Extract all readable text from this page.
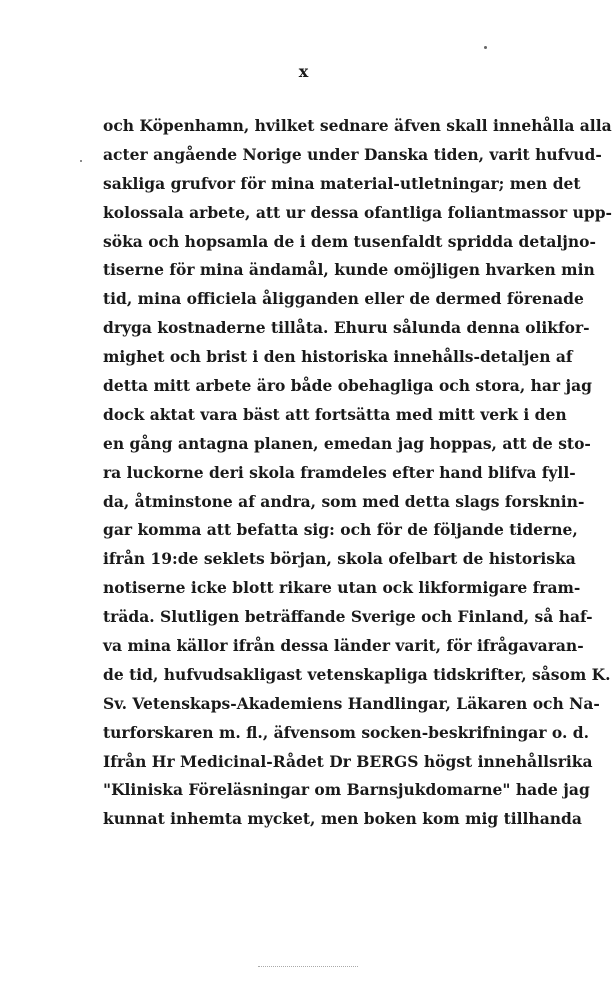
x
och Köpenhamn, hvilket sednare äfven skall innehålla alla
acter angående Norige under Danska tiden, varit hufvud-
sakliga grufvor för mina material-utletningar; men det
kolossala arbete, att ur dessa ofantliga foliantmassor upp-
söka och hopsamla de i dem tusenfaldt spridda detaljno-
tiserne för mina ändamål, kunde omöjligen hvarken min
tid, mina officiela åligganden eller de dermed förenade
dryga kostnaderne tillåta. Ehuru sålunda denna olikfor-
mighet och brist i den historiska innehålls-detaljen af
detta mitt arbete äro både obehagliga och stora, har jag
dock aktat vara bäst att fortsätta med mitt verk i den
en gång antagna planen, emedan jag hoppas, att de sto-
ra luckorne deri skola framdeles efter hand blifva fyll-
da, åtminstone af andra, som med detta slags forsknin-
gar komma att befatta sig: och för de följande tiderne,
ifrån 19:de seklets början, skola ofelbart de historiska
notiserne icke blott rikare utan ock likformigare fram-
träda. Slutligen beträffande Sverige och Finland, så haf-
va mina källor ifrån dessa länder varit, för ifrågavaran-
de tid, hufvudsakligast vetenskapliga tidskrifter, såsom K.
Sv. Vetenskaps-Akademiens Handlingar, Läkaren och Na-
turforskaren m. fl., äfvensom socken-beskrifningar o. d.
Ifrån Hr Medicinal-Rådet Dr BERGS högst innehållsrika
"Kliniska Föreläsningar om Barnsjukdomarne" hade jag
kunnat inhemta mycket, men boken kom mig tillhanda
